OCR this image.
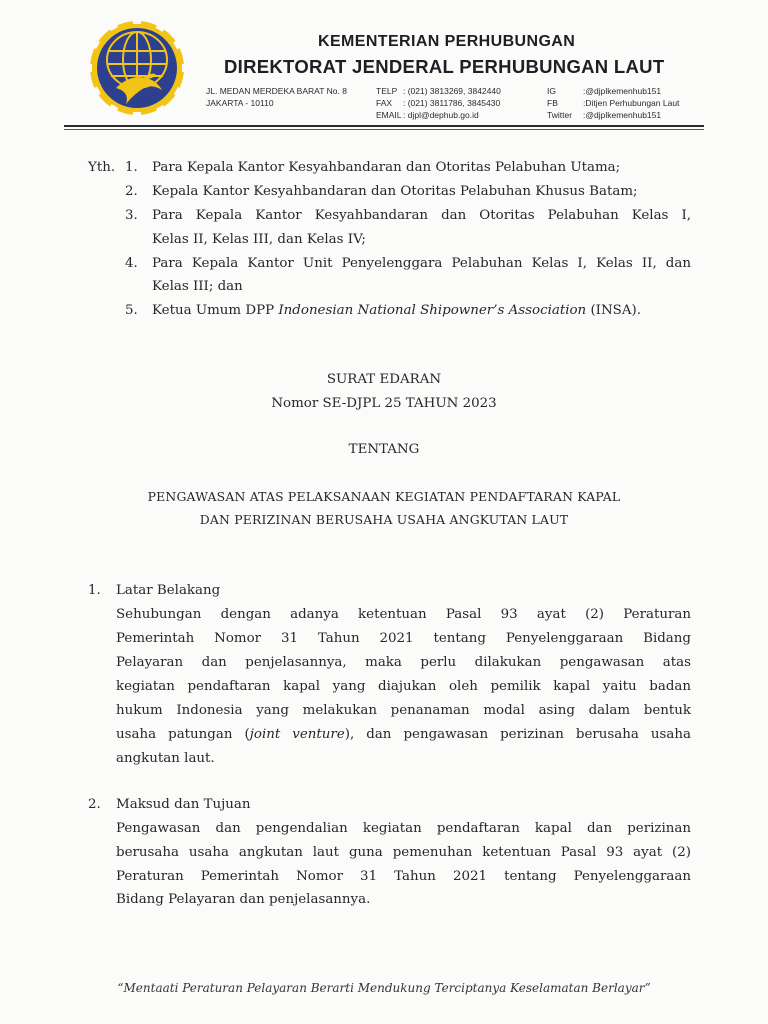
KEMENTERIAN PERHUBUNGAN
DIREKTORAT JENDERAL PERHUBUNGAN LAUT
JL. MEDAN MERDEKA BARAT No. 8
JAKARTA - 10110
TELP : (021) 3813269, 3842440
FAX : (021) 3811786, 3845430
EMAIL : djpl@dephub.go.id
IG	:@djplkemenhub151
FB	:Ditjen Perhubungan Laut
Twitter :@djplkemenhub151
Yth. 1. Para Kepala Kantor Kesyahbandaran dan Otoritas Pelabuhan Utama;
2. Kepala Kantor Kesyahbandaran dan Otoritas Pelabuhan Khusus Batam;
3. Para Kepala Kantor Kesyahbandaran dan Otoritas Pelabuhan Kelas I,
Kelas II, Kelas III, dan Kelas IV;
4. Para Kepala Kantor Unit Penyelenggara Pelabuhan Kelas I, Kelas II, dan
Kelas III; dan
5. Ketua Umum DPP Indonesian National Shipowner’s Association (INSA).
SURAT EDARAN
Nomor SE-DJPL 25 TAHUN 2023
TENTANG
PENGAWASAN ATAS PELAKSANAAN KEGIATAN PENDAFTARAN KAPAL
DAN PERIZINAN BERUSAHA USAHA ANGKUTAN LAUT
1. Latar Belakang
Sehubungan dengan adanya ketentuan Pasal 93 ayat (2) Peraturan
Pemerintah Nomor 31 Tahun 2021 tentang Penyelenggaraan Bidang
Pelayaran dan penjelasannya, maka perlu dilakukan pengawasan atas
kegiatan pendaftaran kapal yang diajukan oleh pemilik kapal yaitu badan
hukum Indonesia yang melakukan penanaman modal asing dalam bentuk
usaha patungan (joint venture), dan pengawasan perizinan berusaha usaha
angkutan laut.
2. Maksud dan Tujuan
Pengawasan dan pengendalian kegiatan pendaftaran kapal dan perizinan
berusaha usaha angkutan laut guna pemenuhan ketentuan Pasal 93 ayat (2)
Peraturan Pemerintah Nomor 31 Tahun 2021 tentang Penyelenggaraan
Bidang Pelayaran dan penjelasannya.
“Mentaati Peraturan Pelayaran Berarti Mendukung Terciptanya Keselamatan Berlayar”
